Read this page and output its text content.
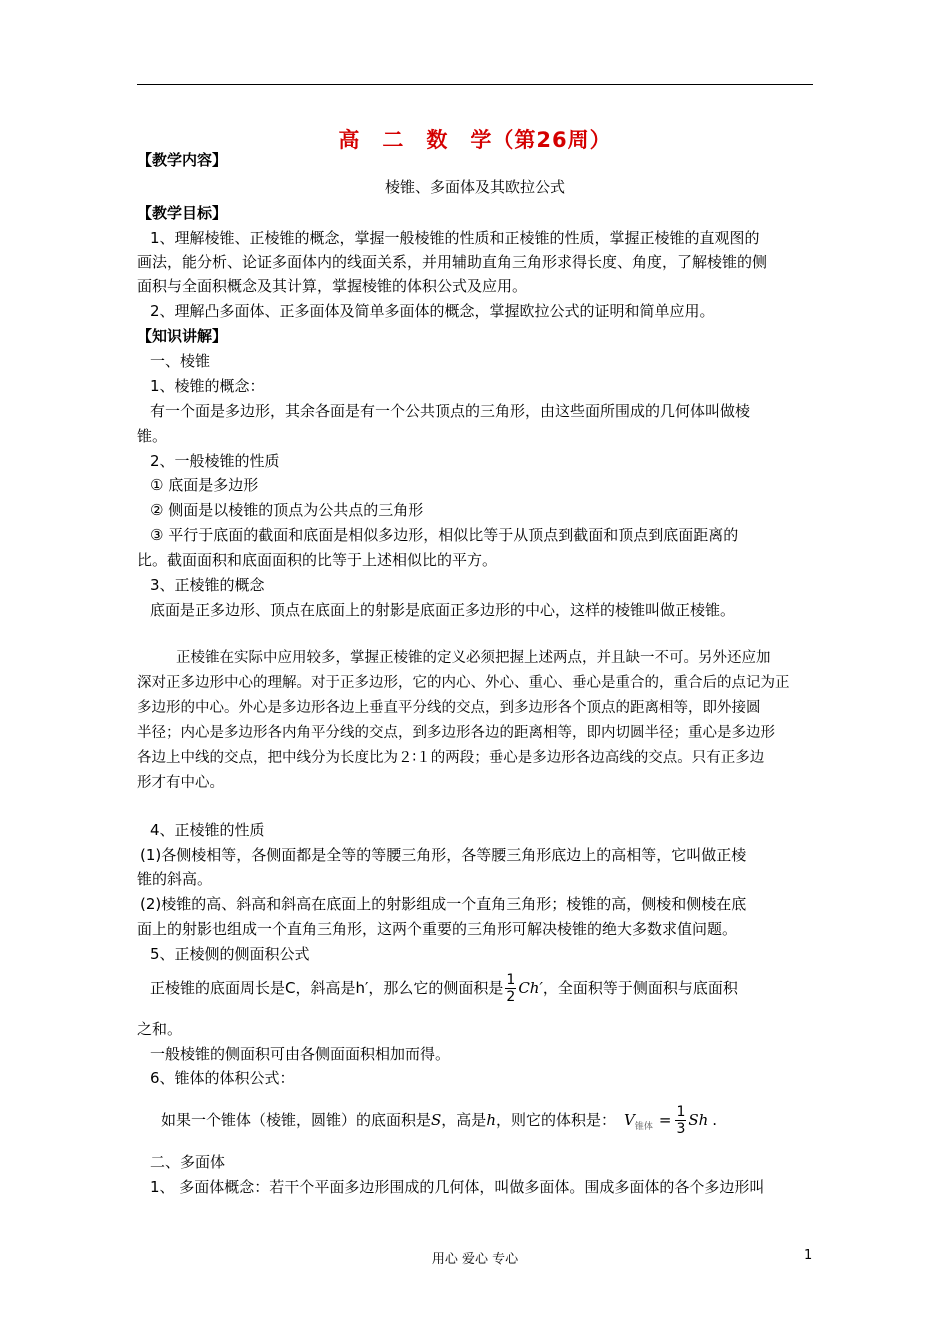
高　二　数　学（第26周）
【教学内容】
棱锥、多面体及其欧拉公式
【教学目标】
1、理解棱锥、正棱锥的概念，掌握一般棱锥的性质和正棱锥的性质，掌握正棱锥的直观图的
画法，能分析、论证多面体内的线面关系，并用辅助直角三角形求得长度、角度，了解棱锥的侧
面积与全面积概念及其计算，掌握棱锥的体积公式及应用。
2、理解凸多面体、正多面体及简单多面体的概念，掌握欧拉公式的证明和简单应用。
【知识讲解】
一、棱锥
1、棱锥的概念：
有一个面是多边形，其余各面是有一个公共顶点的三角形，由这些面所围成的几何体叫做棱
锥。
2、一般棱锥的性质
① 底面是多边形
② 侧面是以棱锥的顶点为公共点的三角形
③ 平行于底面的截面和底面是相似多边形，相似比等于从顶点到截面和顶点到底面距离的
比。截面面积和底面面积的比等于上述相似比的平方。
3、正棱锥的概念
底面是正多边形、顶点在底面上的射影是底面正多边形的中心，这样的棱锥叫做正棱锥。
正棱锥在实际中应用较多，掌握正棱锥的定义必须把握上述两点，并且缺一不可。另外还应加
深对正多边形中心的理解。对于正多边形，它的内心、外心、重心、垂心是重合的，重合后的点记为正
多边形的中心。外心是多边形各边上垂直平分线的交点，到多边形各个顶点的距离相等，即外接圆
半径；内心是多边形各内角平分线的交点，到多边形各边的距离相等，即内切圆半径；重心是多边形
各边上中线的交点，把中线分为长度比为２∶１的两段；垂心是多边形各边高线的交点。只有正多边
形才有中心。
4、正棱锥的性质
(1)各侧棱相等，各侧面都是全等的等腰三角形，各等腰三角形底边上的高相等，它叫做正棱
锥的斜高。
(2)棱锥的高、斜高和斜高在底面上的射影组成一个直角三角形；棱锥的高，侧棱和侧棱在底
面上的射影也组成一个直角三角形，这两个重要的三角形可解决棱锥的绝大多数求值问题。
5、正棱侧的侧面积公式
正棱锥的底面周长是C，斜高是h′，那么它的侧面积是 $\frac{1}{2} Ch'$，全面积等于侧面积与底面积
之和。
一般棱锥的侧面积可由各侧面面积相加而得。
6、锥体的体积公式：
如果一个锥体（棱锥，圆锥）的底面积是S，高是h，则它的体积是： $V_{锥体} = \frac{1}{3}$ Sh .
二、多面体
1、 多面体概念：若干个平面多边形围成的几何体，叫做多面体。围成多面体的各个多边形叫
用心 爱心 专心	1
